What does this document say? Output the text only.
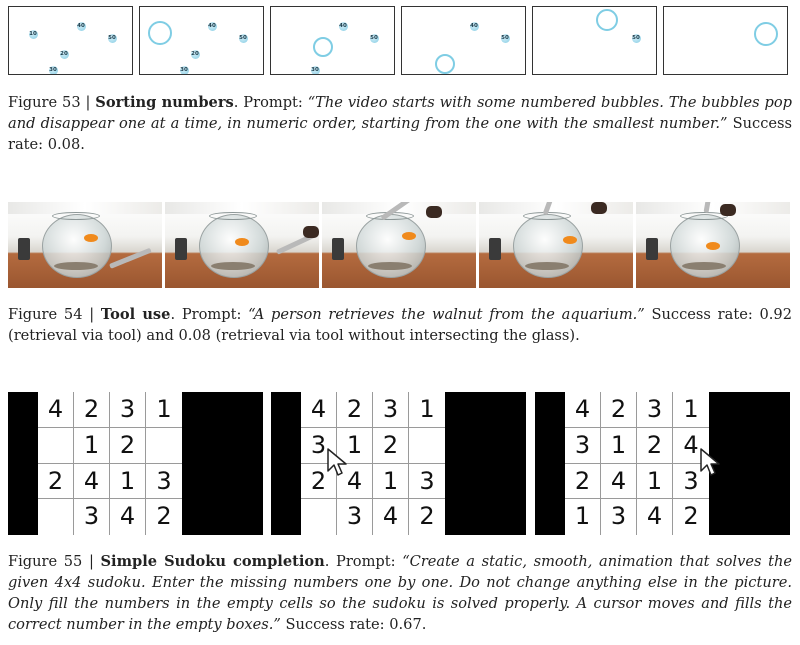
10
20
30
40
50
20
30
40
50
30
40
50
40
50	50
Figure 53 | Sorting numbers. Prompt: “The video starts with some numbered bubbles. The bubbles pop and disappear one at a time, in numeric order, starting from the one with the smallest number.” Success rate: 0.08.
Figure 54 | Tool use. Prompt: “A person retrieves the walnut from the aquarium.” Success rate: 0.92 (retrieval via tool) and 0.08 (retrieval via tool without intersecting the glass).
4 2 3 1
1 2
2 4 1 3
3 4 2
4 2 3 1
3 1 2
2 4 1 3
3 4 2
4 2 3 1
3 1 2 4
2 4 1 3
1 3 4 2
Figure 55 | Simple Sudoku completion. Prompt: “Create a static, smooth, animation that solves the given 4x4 sudoku. Enter the missing numbers one by one. Do not change anything else in the picture. Only fill the numbers in the empty cells so the sudoku is solved properly. A cursor moves and fills the correct number in the empty boxes.” Success rate: 0.67.
